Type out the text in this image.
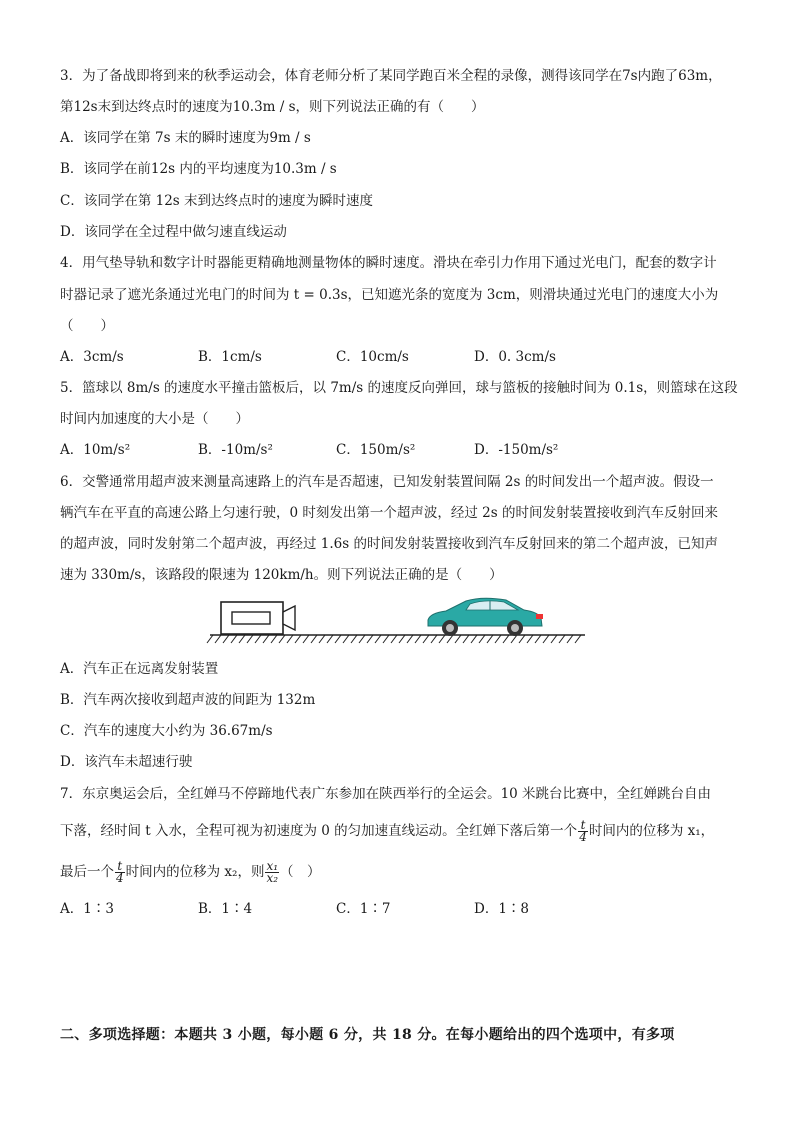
3．为了备战即将到来的秋季运动会，体育老师分析了某同学跑百米全程的录像，测得该同学在7s内跑了63m，
第12s末到达终点时的速度为10.3m / s，则下列说法正确的有（　　）
A．该同学在第 7s 末的瞬时速度为9m / s
B．该同学在前12s 内的平均速度为10.3m / s
C．该同学在第 12s 末到达终点时的速度为瞬时速度
D．该同学在全过程中做匀速直线运动
4．用气垫导轨和数字计时器能更精确地测量物体的瞬时速度。滑块在牵引力作用下通过光电门，配套的数字计
时器记录了遮光条通过光电门的时间为 t = 0.3s，已知遮光条的宽度为 3cm，则滑块通过光电门的速度大小为
（　　）
A．3cm/s	B．1cm/s	C．10cm/s	D．0. 3cm/s
5．篮球以 8m/s 的速度水平撞击篮板后，以 7m/s 的速度反向弹回，球与篮板的接触时间为 0.1s，则篮球在这段
时间内加速度的大小是（　　）
A．10m/s²	B．-10m/s²	C．150m/s²	D．-150m/s²
6．交警通常用超声波来测量高速路上的汽车是否超速，已知发射装置间隔 2s 的时间发出一个超声波。假设一
辆汽车在平直的高速公路上匀速行驶，0 时刻发出第一个超声波，经过 2s 的时间发射装置接收到汽车反射回来
的超声波，同时发射第二个超声波，再经过 1.6s 的时间发射装置接收到汽车反射回来的第二个超声波，已知声
速为 330m/s，该路段的限速为 120km/h。则下列说法正确的是（　　）
A．汽车正在远离发射装置
B．汽车两次接收到超声波的间距为 132m
C．汽车的速度大小约为 36.67m/s
D．该汽车未超速行驶
7．东京奥运会后，全红婵马不停蹄地代表广东参加在陕西举行的全运会。10 米跳台比赛中，全红婵跳台自由
下落，经时间 t 入水，全程可视为初速度为 0 的匀加速直线运动。全红婵下落后第一个 $\frac{t}{4}$ 时间内的位移为 x₁，
最后一个 $\frac{t}{4}$ 时间内的位移为 x₂，则 $\frac{\text{x₁}}{\text{x₂}}$ （　）
A．1∶3	B．1∶4	C．1∶7	D．1∶8
二、多项选择题：本题共 3 小题，每小题 6 分，共 18 分。在每小题给出的四个选项中，有多项
